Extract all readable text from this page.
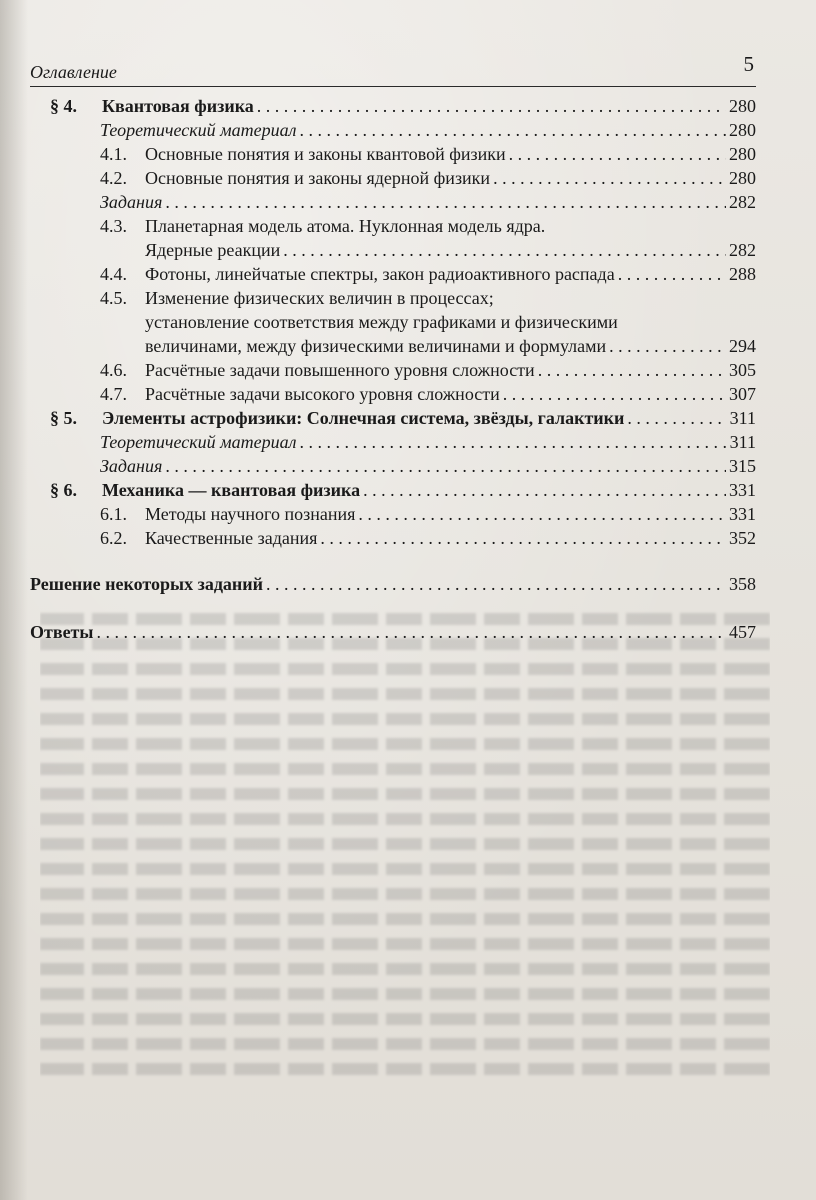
Оглавление	5
§ 4.	Квантовая физика . . .	280
Теоретический материал . . .	280
4.1.	Основные понятия и законы квантовой физики . . .	280
4.2.	Основные понятия и законы ядерной физики . . .	280
Задания . . .	282
4.3.	Планетарная модель атома. Нуклонная модель ядра.
Ядерные реакции . . .	282
4.4.	Фотоны, линейчатые спектры, закон радиоактивного распада . . .	288
4.5.	Изменение физических величин в процессах;
установление соответствия между графиками и физическими
величинами, между физическими величинами и формулами . . .	294
4.6.	Расчётные задачи повышенного уровня сложности . . .	305
4.7.	Расчётные задачи высокого уровня сложности . . .	307
§ 5.	Элементы астрофизики: Солнечная система, звёзды, галактики . . .	311
Теоретический материал . . .	311
Задания . . .	315
§ 6.	Механика — квантовая физика . . .	331
6.1.	Методы научного познания . . .	331
6.2.	Качественные задания . . .	352
Решение некоторых заданий . . .	358
Ответы . . .	457
